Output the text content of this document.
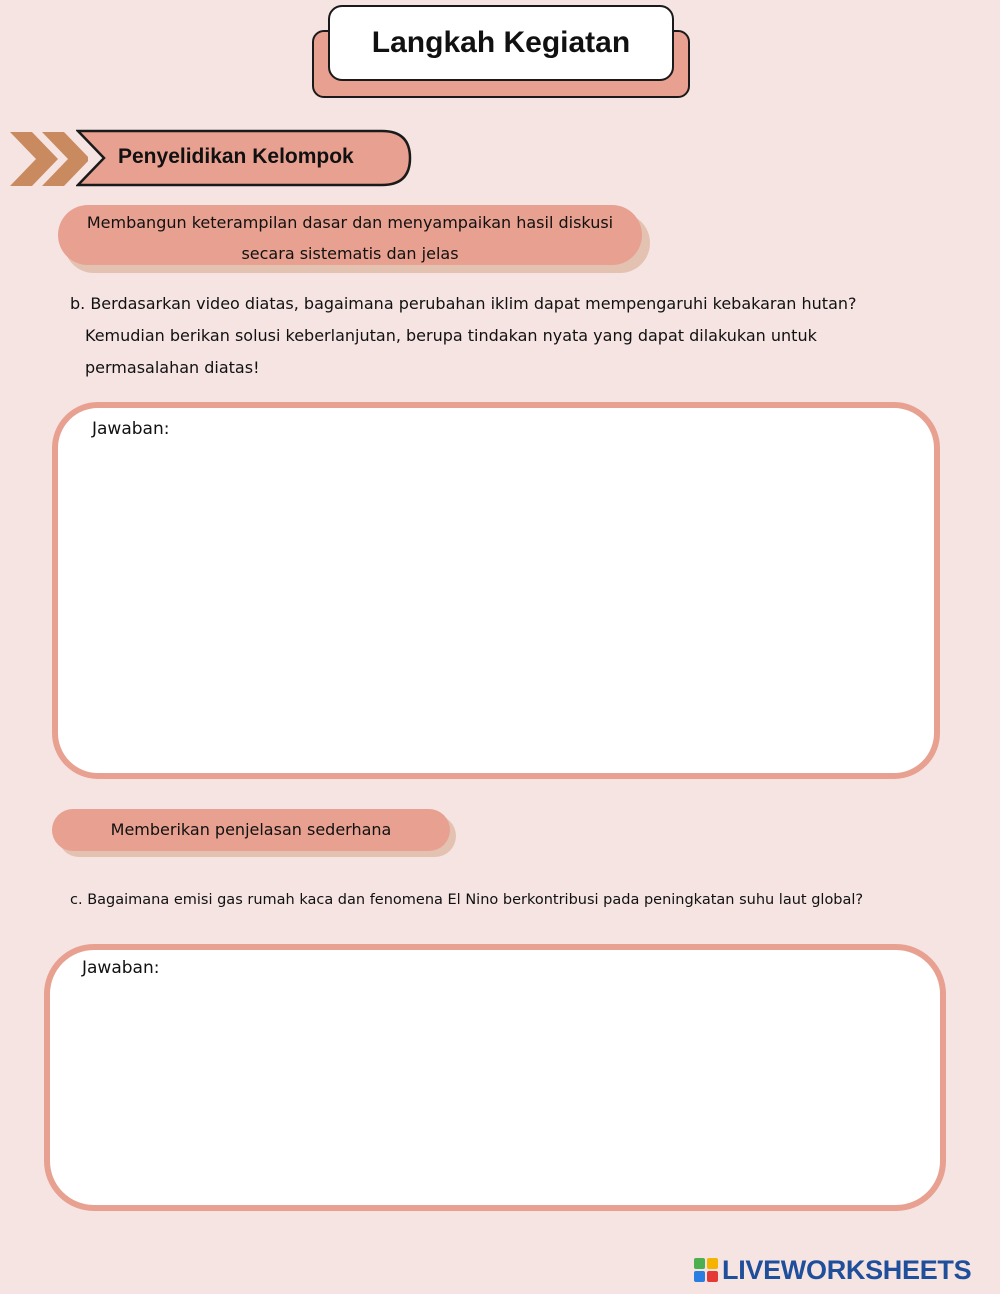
Langkah Kegiatan
Penyelidikan Kelompok
Membangun keterampilan dasar dan menyampaikan hasil diskusi
secara sistematis dan jelas
b. Berdasarkan video diatas, bagaimana perubahan iklim dapat mempengaruhi kebakaran hutan?
Kemudian berikan solusi keberlanjutan, berupa tindakan nyata yang dapat dilakukan untuk
permasalahan diatas!
Jawaban:
Memberikan penjelasan sederhana
c. Bagaimana emisi gas rumah kaca dan fenomena El Nino berkontribusi pada peningkatan suhu laut global?
Jawaban:
LIVEWORKSHEETS
